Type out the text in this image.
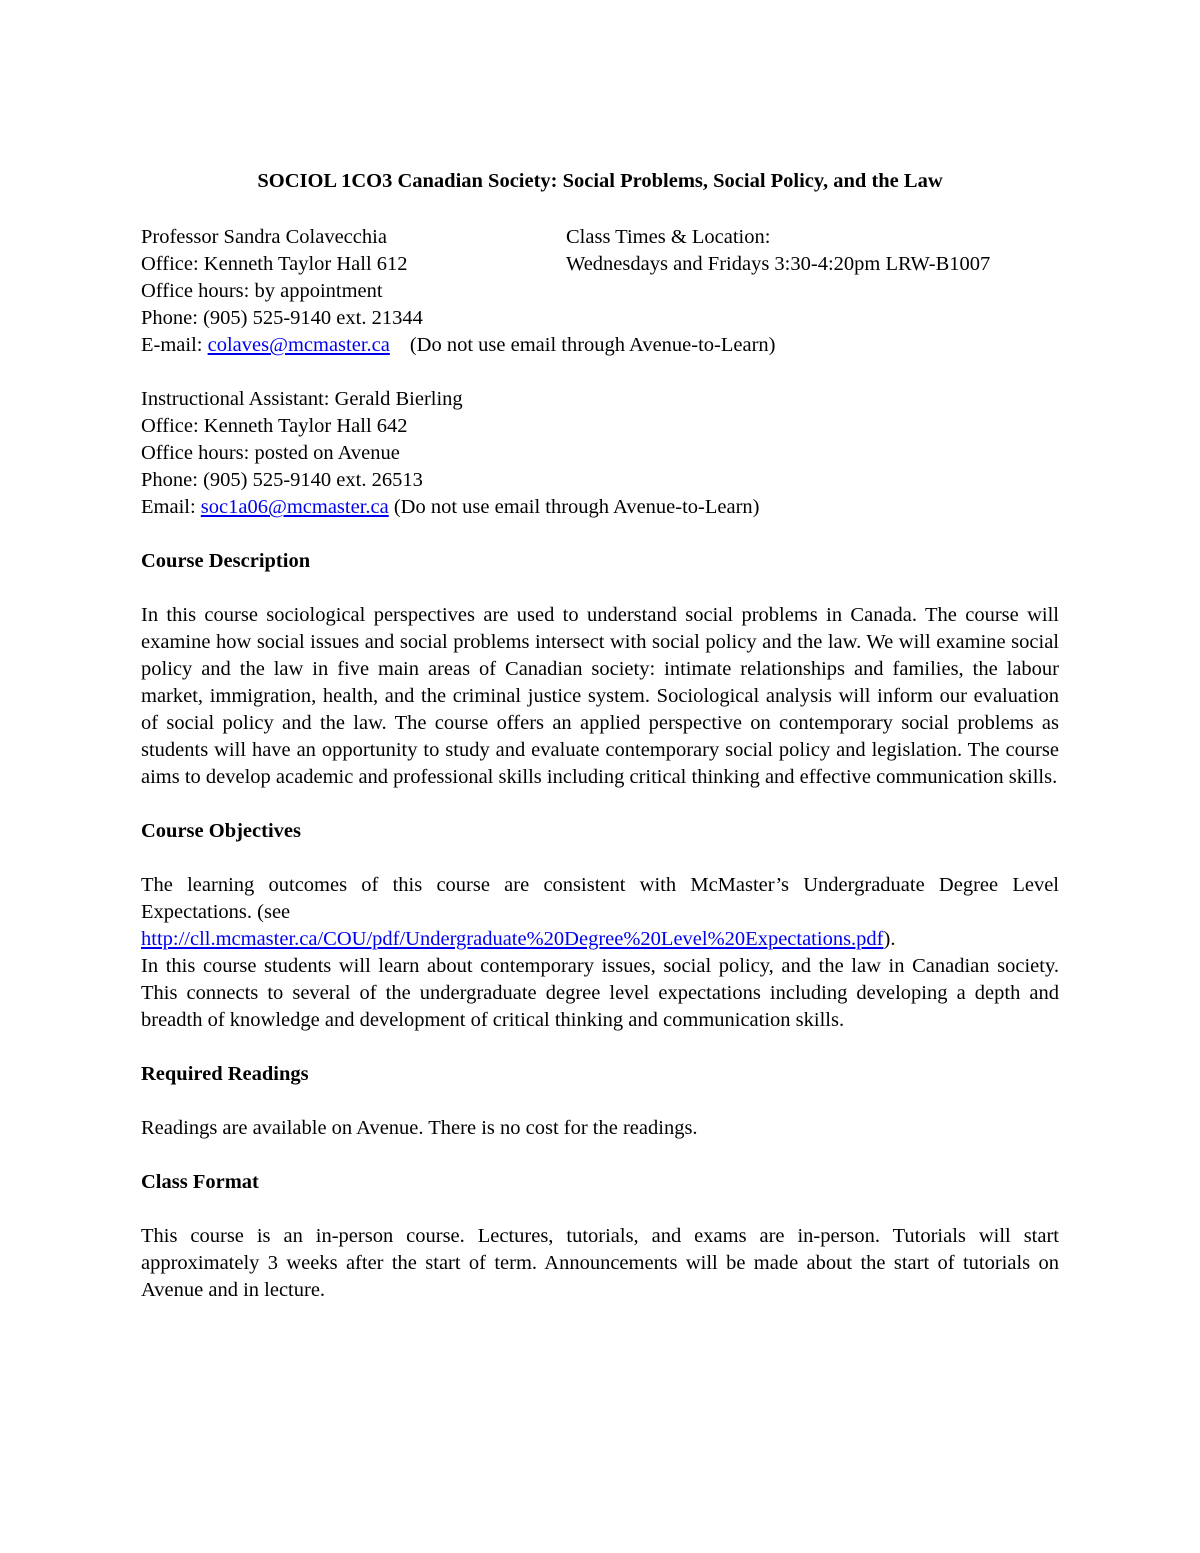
SOCIOL 1CO3 Canadian Society: Social Problems, Social Policy, and the Law
Professor Sandra Colavecchia	Class Times & Location:
Office: Kenneth Taylor Hall 612	Wednesdays and Fridays 3:30-4:20pm LRW-B1007
Office hours: by appointment
Phone: (905) 525-9140 ext. 21344
E-mail: colaves@mcmaster.ca (Do not use email through Avenue-to-Learn)
Instructional Assistant: Gerald Bierling
Office: Kenneth Taylor Hall 642
Office hours: posted on Avenue
Phone: (905) 525-9140 ext. 26513
Email: soc1a06@mcmaster.ca (Do not use email through Avenue-to-Learn)
Course Description

In this course sociological perspectives are used to understand social problems in Canada. The course will examine how social issues and social problems intersect with social policy and the law. We will examine social policy and the law in five main areas of Canadian society: intimate relationships and families, the labour market, immigration, health, and the criminal justice system. Sociological analysis will inform our evaluation of social policy and the law. The course offers an applied perspective on contemporary social problems as students will have an opportunity to study and evaluate contemporary social policy and legislation. The course aims to develop academic and professional skills including critical thinking and effective communication skills.

Course Objectives

The learning outcomes of this course are consistent with McMaster’s Undergraduate Degree Level Expectations. (see

http://cll.mcmaster.ca/COU/pdf/Undergraduate%20Degree%20Level%20Expectations.pdf).

In this course students will learn about contemporary issues, social policy, and the law in Canadian society. This connects to several of the undergraduate degree level expectations including developing a depth and breadth of knowledge and development of critical thinking and communication skills.

Required Readings

Readings are available on Avenue. There is no cost for the readings.

Class Format

This course is an in-person course. Lectures, tutorials, and exams are in-person. Tutorials will start approximately 3 weeks after the start of term. Announcements will be made about the start of tutorials on Avenue and in lecture.
